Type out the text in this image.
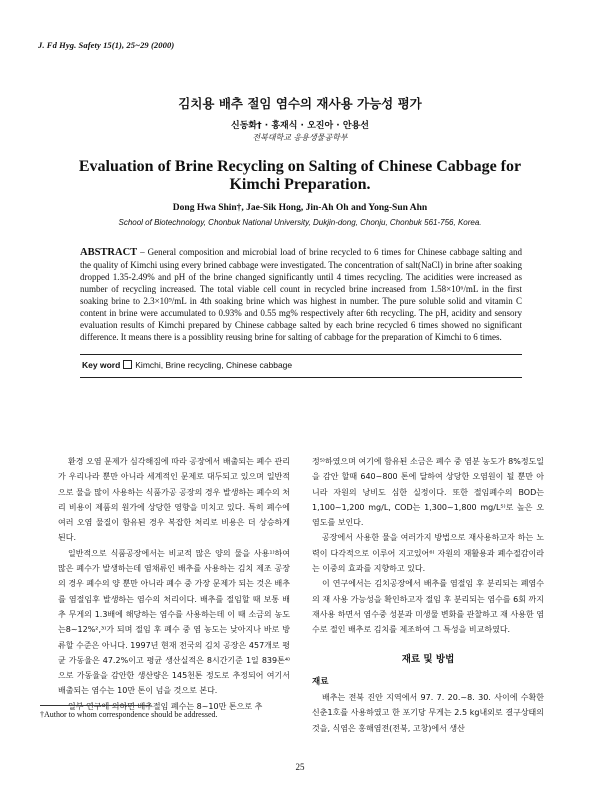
J. Fd Hyg. Safety 15(1), 25~29 (2000)
김치용 배추 절임 염수의 재사용 가능성 평가
신동화† · 홍재식 · 오진아 · 안용선
전북대학교 응용생물공학부
Evaluation of Brine Recycling on Salting of Chinese Cabbage for Kimchi Preparation.
Dong Hwa Shin†, Jae-Sik Hong, Jin-Ah Oh and Yong-Sun Ahn
School of Biotechnology, Chonbuk National University, Dukjin-dong, Chonju, Chonbuk 561-756, Korea.
ABSTRACT – General composition and microbial load of brine recycled to 6 times for Chinese cabbage salting and the quality of Kimchi using every brined cabbage were investigated. The concentration of salt(NaCl) in brine after soaking dropped 1.35-2.49% and pH of the brine changed significantly until 4 times recycling. The acidities were increased as number of recycling increased. The total viable cell count in recycled brine increased from 1.58×10⁶/mL in the first soaking brine to 2.3×10⁹/mL in 4th soaking brine which was highest in number. The pure soluble solid and vitamin C content in brine were accumulated to 0.93% and 0.55 mg% respectively after 6th recycling. The pH, acidity and sensory evaluation results of Kimchi prepared by Chinese cabbage salted by each brine recycled 6 times showed no significant difference. It means there is a possiblity reusing brine for salting of cabbage for the preparation of Kimchi to 6 times.
Key word Kimchi, Brine recycling, Chinese cabbage

환경 오염 문제가 심각해짐에 따라 공장에서 배출되는 폐수 관리가 우리나라 뿐만 아니라 세계적인 문제로 대두되고 있으며 일반적으로 물을 많이 사용하는 식품가공 공장의 경우 발생하는 폐수의 처리 비용이 제품의 원가에 상당한 영향을 미치고 있다. 특히 폐수에 여러 오염 물질이 함유된 경우 복잡한 처리로 비용은 더 상승하게 된다.

일반적으로 식품공장에서는 비교적 많은 양의 물을 사용¹⁾하여 많은 폐수가 발생하는데 염채류인 배추를 사용하는 김치 제조 공장의 경우 폐수의 양 뿐만 아니라 폐수 중 가장 문제가 되는 것은 배추를 염절임후 발생하는 염수의 처리이다. 배추를 절임할 때 보통 배추 무게의 1.3배에 해당하는 염수를 사용하는데 이 때 소금의 농도는8~12%²,³⁾가 되며 절임 후 폐수 중 염 농도는 낮아지나 바로 방류할 수준은 아니다. 1997년 현재 전국의 김치 공장은 457개로 평균 가동율은 47.2%이고 평균 생산실적은 8시간기준 1일 839톤⁴⁾으로 가동율을 감안한 생산량은 145천톤 정도로 추정되어 여기서 배출되는 염수는 10만 톤이 넘을 것으로 본다.

일부 연구에 의하면 배추절임 폐수는 8~10만 톤으로 추

정⁵⁾하였으며 여기에 함유된 소금은 폐수 중 염분 농도가 8%정도일을 감안 할때 640~800 톤에 달하여 상당한 오염원이 될 뿐만 아니라 자원의 낭비도 심한 실정이다. 또한 절임폐수의 BOD는 1,100~1,200 mg/L, COD는 1,300~1,800 mg/L⁵⁾로 높은 오염도를 보인다.

공장에서 사용한 물을 여러가지 방법으로 재사용하고자 하는 노력이 다각적으로 이루어 지고있어⁶⁾ 자원의 재활용과 폐수절감이라는 이중의 효과를 지향하고 있다.

이 연구에서는 김치공장에서 배추를 염절임 후 분리되는 폐염수의 재 사용 가능성을 확인하고자 절임 후 분리되는 염수를 6회 까지 재사용 하면서 염수중 성분과 미생물 변화를 관찰하고 재 사용한 염수로 절인 배추로 김치를 제조하여 그 특성을 비교하였다.

재료 및 방법

재료

배추는 전북 진안 지역에서 97. 7. 20.~8. 30. 사이에 수확한 신춘1호를 사용하였고 한 포기당 무게는 2.5 kg내외로 결구상태의 것을, 식염은 홍해염전(전북, 고창)에서 생산

†Author to whom correspondence should be addressed.
25
